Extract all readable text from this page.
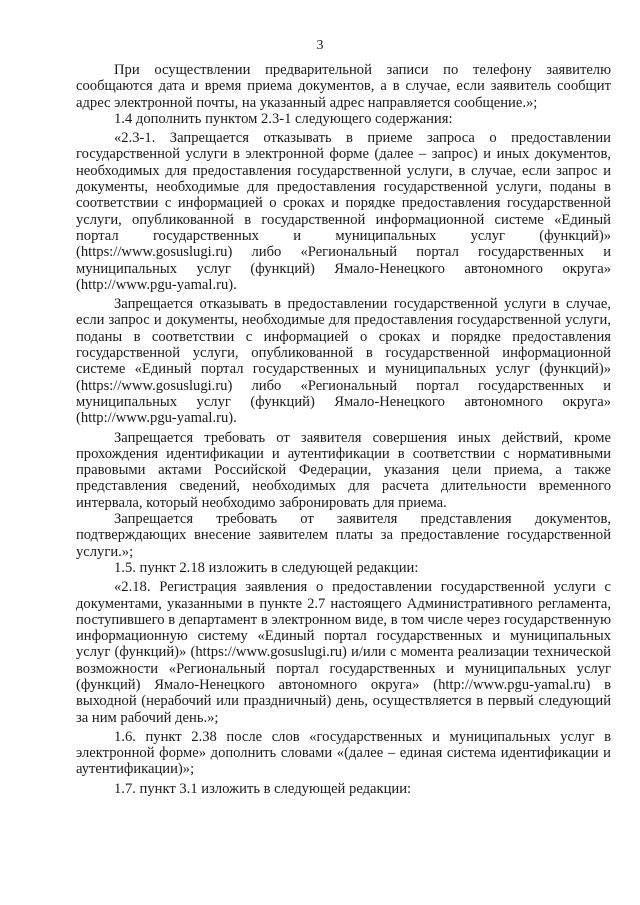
3

При осуществлении предварительной записи по телефону заявителю сообщаются дата и время приема документов, а в случае, если заявитель сообщит адрес электронной почты, на указанный адрес направляется сообщение.»;

1.4 дополнить пунктом 2.3-1 следующего содержания:

«2.3-1. Запрещается отказывать в приеме запроса о предоставлении государственной услуги в электронной форме (далее – запрос) и иных документов, необходимых для предоставления государственной услуги, в случае, если запрос и документы, необходимые для предоставления государственной услуги, поданы в соответствии с информацией о сроках и порядке предоставления государственной услуги, опубликованной в государственной информационной системе «Единый портал государственных и муниципальных услуг (функций)» (https://www.gosuslugi.ru) либо «Региональный портал государственных и муниципальных услуг (функций) Ямало-Ненецкого автономного округа» (http://www.pgu-yamal.ru).

Запрещается отказывать в предоставлении государственной услуги в случае, если запрос и документы, необходимые для предоставления государственной услуги, поданы в соответствии с информацией о сроках и порядке предоставления государственной услуги, опубликованной в государственной информационной системе «Единый портал государственных и муниципальных услуг (функций)» (https://www.gosuslugi.ru) либо «Региональный портал государственных и муниципальных услуг (функций) Ямало-Ненецкого автономного округа» (http://www.pgu-yamal.ru).

Запрещается требовать от заявителя совершения иных действий, кроме прохождения идентификации и аутентификации в соответствии с нормативными правовыми актами Российской Федерации, указания цели приема, а также представления сведений, необходимых для расчета длительности временного интервала, который необходимо забронировать для приема.

Запрещается требовать от заявителя представления документов, подтверждающих внесение заявителем платы за предоставление государственной услуги.»;

1.5. пункт 2.18 изложить в следующей редакции:

«2.18. Регистрация заявления о предоставлении государственной услуги с документами, указанными в пункте 2.7 настоящего Административного регламента, поступившего в департамент в электронном виде, в том числе через государственную информационную систему «Единый портал государственных и муниципальных услуг (функций)» (https://www.gosuslugi.ru) и/или с момента реализации технической возможности «Региональный портал государственных и муниципальных услуг (функций) Ямало-Ненецкого автономного округа» (http://www.pgu-yamal.ru) в выходной (нерабочий или праздничный) день, осуществляется в первый следующий за ним рабочий день.»;

1.6. пункт 2.38 после слов «государственных и муниципальных услуг в электронной форме» дополнить словами «(далее – единая система идентификации и аутентификации)»;

1.7. пункт 3.1 изложить в следующей редакции:
